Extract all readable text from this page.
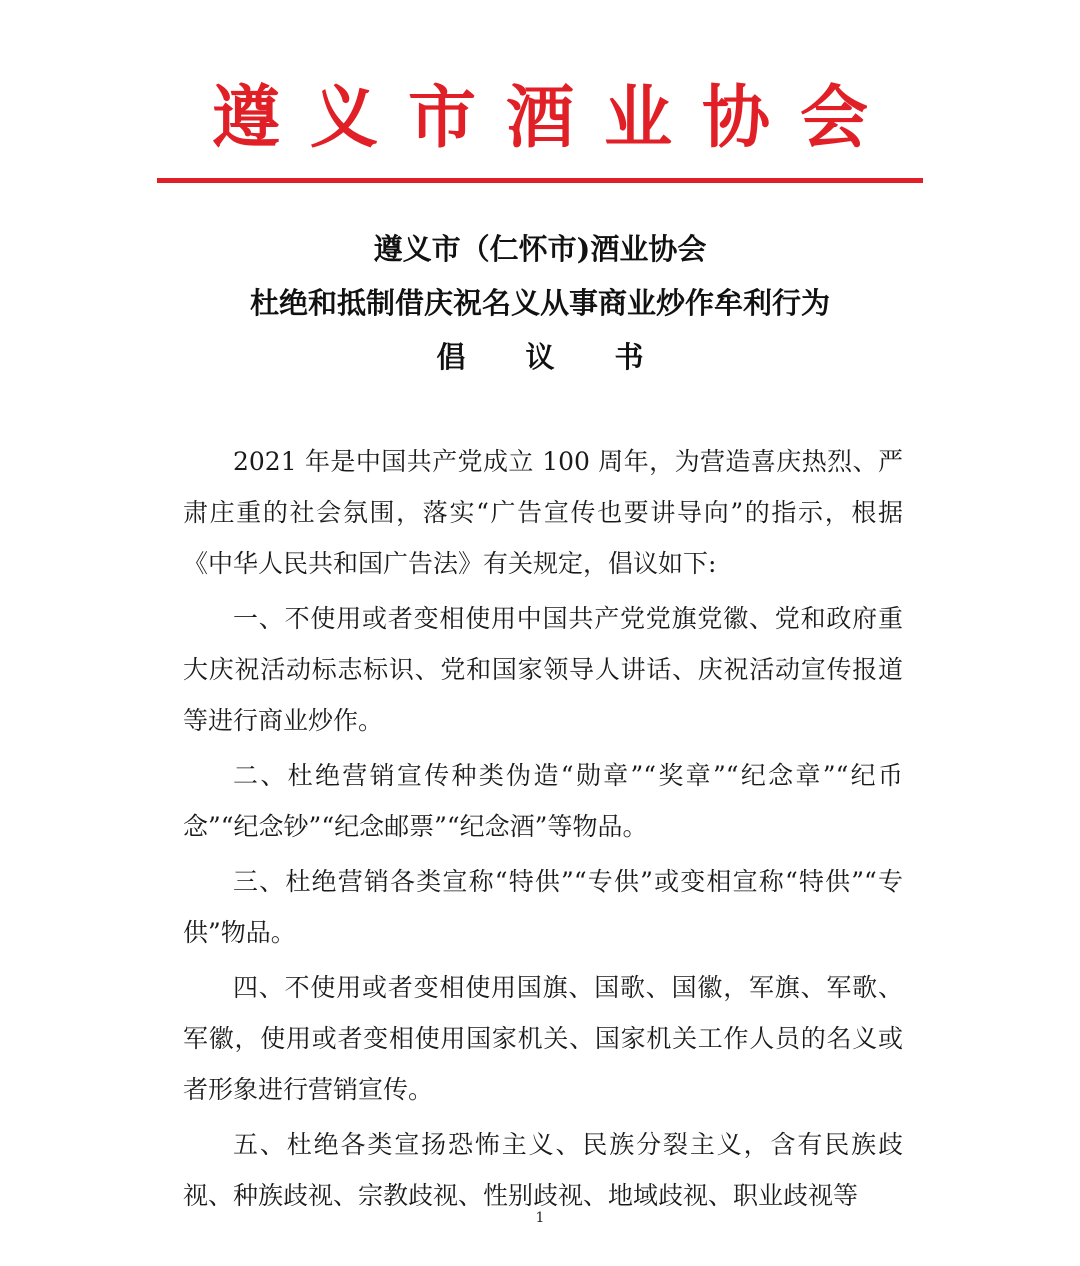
遵义市酒业协会

遵义市（仁怀市)酒业协会

杜绝和抵制借庆祝名义从事商业炒作牟利行为

倡议书

2021 年是中国共产党成立 100 周年，为营造喜庆热烈、严肃庄重的社会氛围，落实“广告宣传也要讲导向”的指示，根据《中华人民共和国广告法》有关规定，倡议如下:

一、不使用或者变相使用中国共产党党旗党徽、党和政府重大庆祝活动标志标识、党和国家领导人讲话、庆祝活动宣传报道等进行商业炒作。

二、杜绝营销宣传种类伪造“勋章”“奖章”“纪念章”“纪币念”“纪念钞”“纪念邮票”“纪念酒”等物品。

三、杜绝营销各类宣称“特供”“专供”或变相宣称“特供”“专供”物品。

四、不使用或者变相使用国旗、国歌、国徽，军旗、军歌、军徽，使用或者变相使用国家机关、国家机关工作人员的名义或者形象进行营销宣传。

五、杜绝各类宣扬恐怖主义、民族分裂主义，含有民族歧视、种族歧视、宗教歧视、性别歧视、地域歧视、职业歧视等

1
